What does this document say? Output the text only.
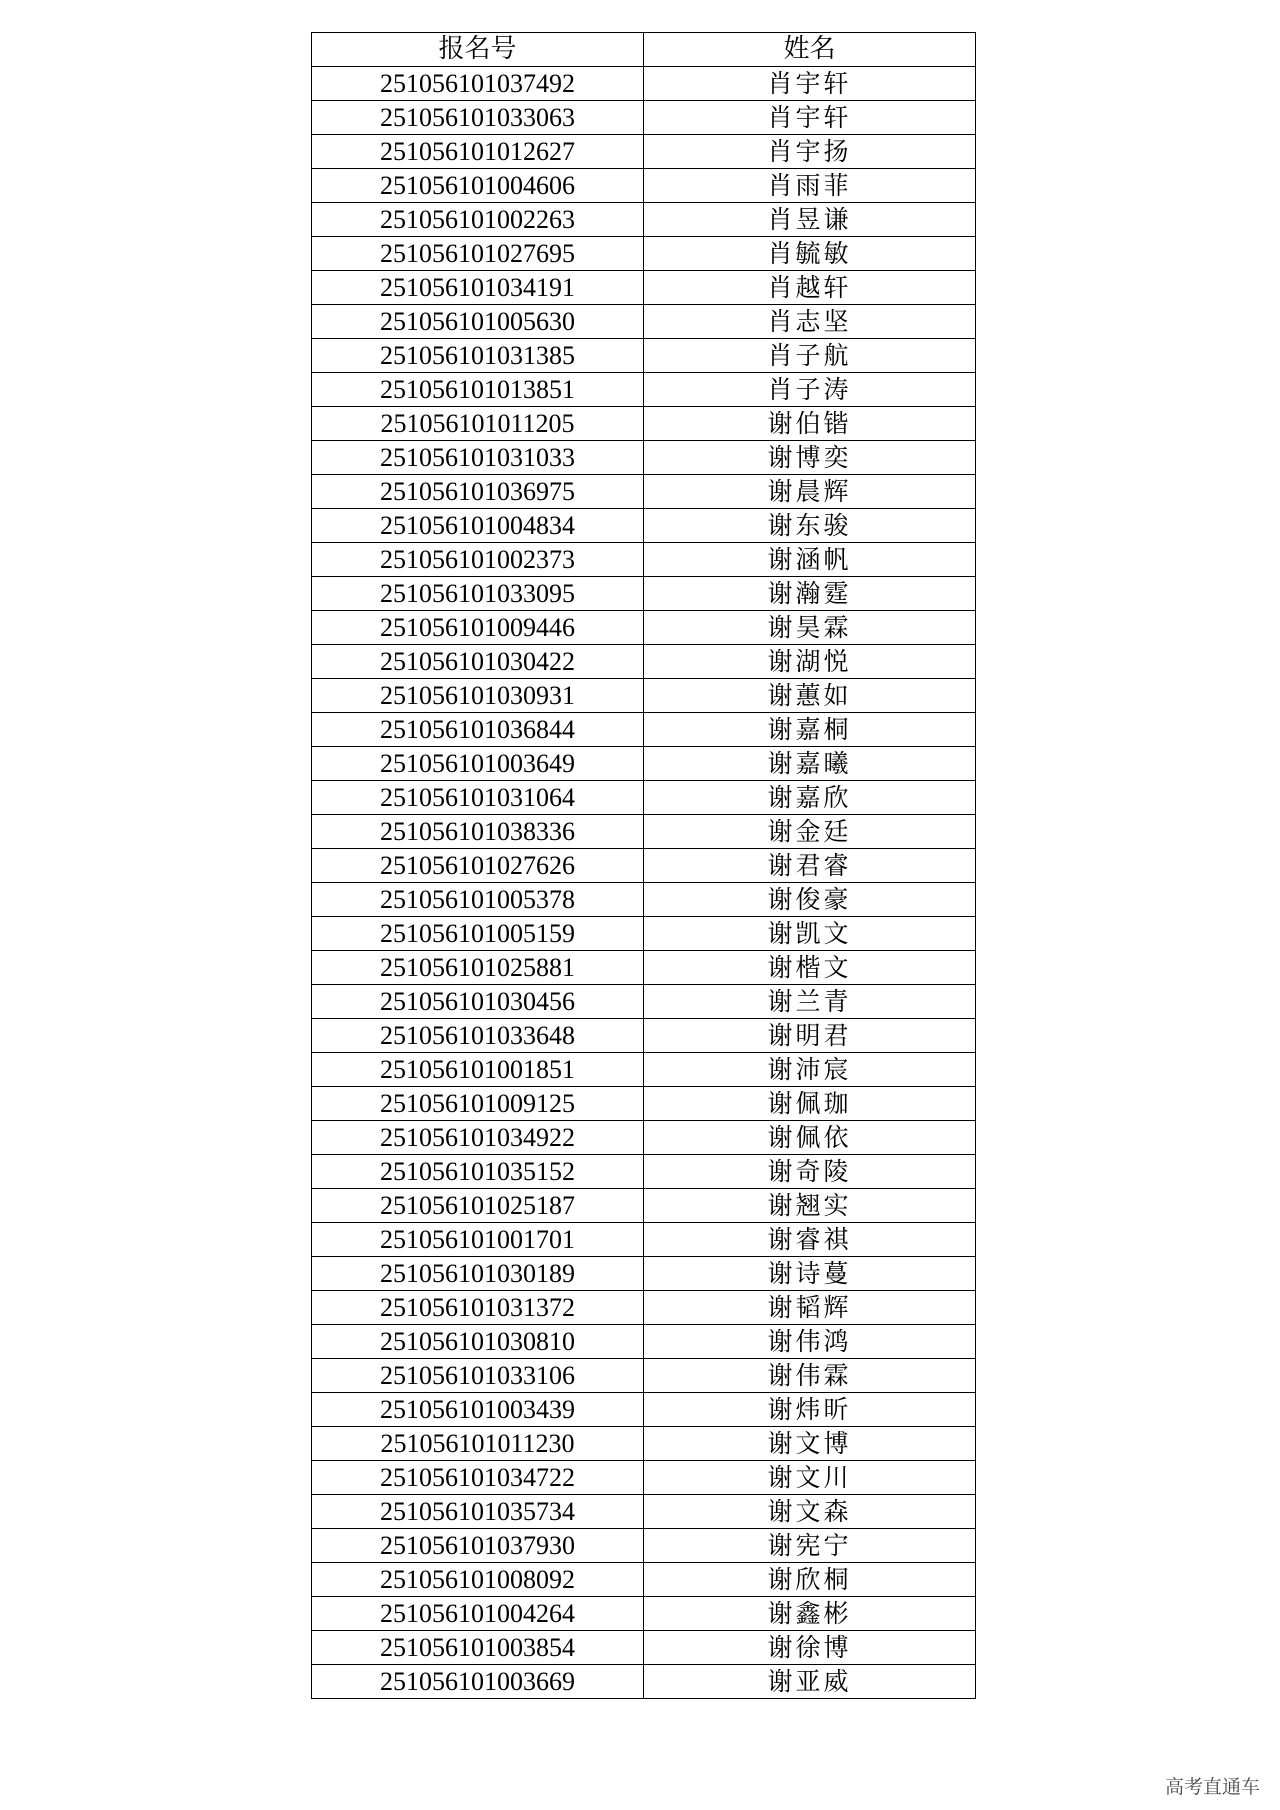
报名号	姓名
251056101037492	肖宇轩
251056101033063	肖宇轩
251056101012627	肖宇扬
251056101004606	肖雨菲
251056101002263	肖昱谦
251056101027695	肖毓敏
251056101034191	肖越轩
251056101005630	肖志坚
251056101031385	肖子航
251056101013851	肖子涛
251056101011205	谢伯锴
251056101031033	谢博奕
251056101036975	谢晨辉
251056101004834	谢东骏
251056101002373	谢涵帆
251056101033095	谢瀚霆
251056101009446	谢昊霖
251056101030422	谢湖悦
251056101030931	谢蕙如
251056101036844	谢嘉桐
251056101003649	谢嘉曦
251056101031064	谢嘉欣
251056101038336	谢金廷
251056101027626	谢君睿
251056101005378	谢俊豪
251056101005159	谢凯文
251056101025881	谢楷文
251056101030456	谢兰青
251056101033648	谢明君
251056101001851	谢沛宸
251056101009125	谢佩珈
251056101034922	谢佩依
251056101035152	谢奇陵
251056101025187	谢翘实
251056101001701	谢睿祺
251056101030189	谢诗蔓
251056101031372	谢韬辉
251056101030810	谢伟鸿
251056101033106	谢伟霖
251056101003439	谢炜昕
251056101011230	谢文博
251056101034722	谢文川
251056101035734	谢文森
251056101037930	谢宪宁
251056101008092	谢欣桐
251056101004264	谢鑫彬
251056101003854	谢徐博
251056101003669	谢亚威
高考直通车
